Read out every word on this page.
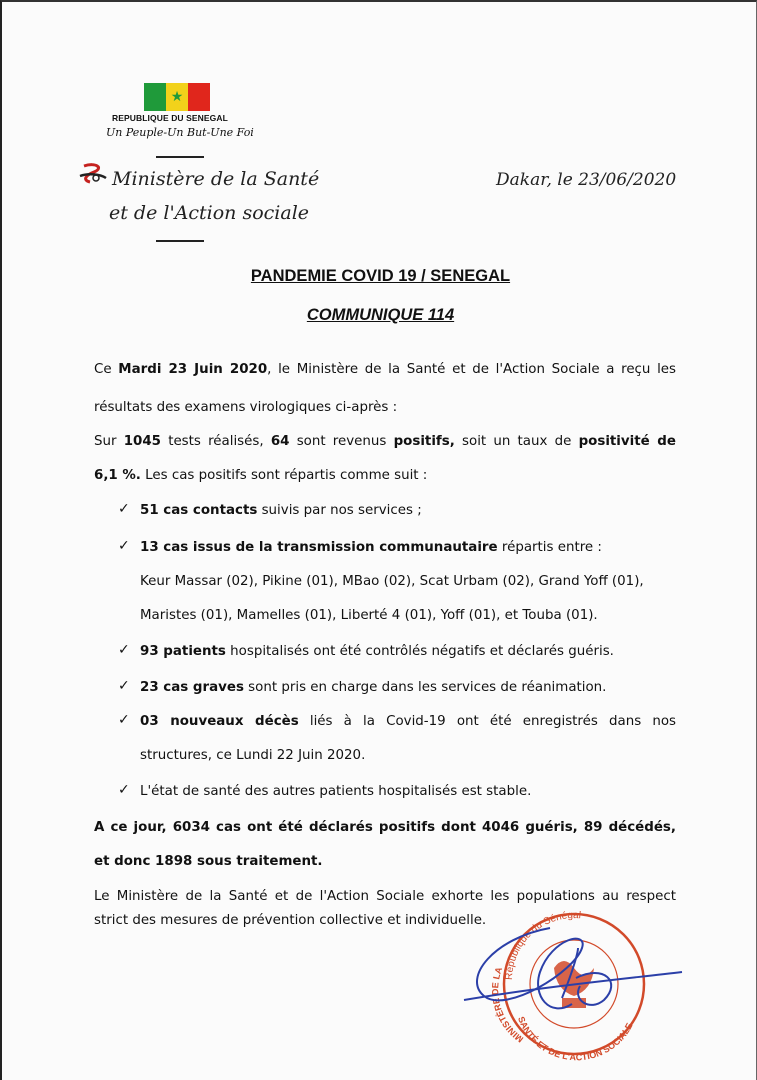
★
REPUBLIQUE DU SENEGAL
Un Peuple-Un But-Une Foi
Ministère de la Santé
et de l'Action sociale
Dakar, le 23/06/2020
PANDEMIE COVID 19 / SENEGAL
COMMUNIQUE 114
Ce Mardi 23 Juin 2020, le Ministère de la Santé et de l'Action Sociale a reçu les
résultats des examens virologiques ci-après :
Sur 1045 tests réalisés, 64 sont revenus positifs, soit un taux de positivité de
6,1 %. Les cas positifs sont répartis comme suit :
✓ 51 cas contacts suivis par nos services ;
✓ 13 cas issus de la transmission communautaire répartis entre :
Keur Massar (02), Pikine (01), MBao (02), Scat Urbam (02), Grand Yoff (01),
Maristes (01), Mamelles (01), Liberté 4 (01), Yoff (01), et Touba (01).
✓ 93 patients hospitalisés ont été contrôlés négatifs et déclarés guéris.
✓ 23 cas graves sont pris en charge dans les services de réanimation.
✓ 03 nouveaux décès liés à la Covid-19 ont été enregistrés dans nos
structures, ce Lundi 22 Juin 2020.
✓ L'état de santé des autres patients hospitalisés est stable.
A ce jour, 6034 cas ont été déclarés positifs dont 4046 guéris, 89 décédés,
et donc 1898 sous traitement.
Le Ministère de la Santé et de l'Action Sociale exhorte les populations au respect
strict des mesures de prévention collective et individuelle.
République du Sénégal
MINISTÈRE DE LA
SANTÉ ET DE L'ACTION SOCIALE
